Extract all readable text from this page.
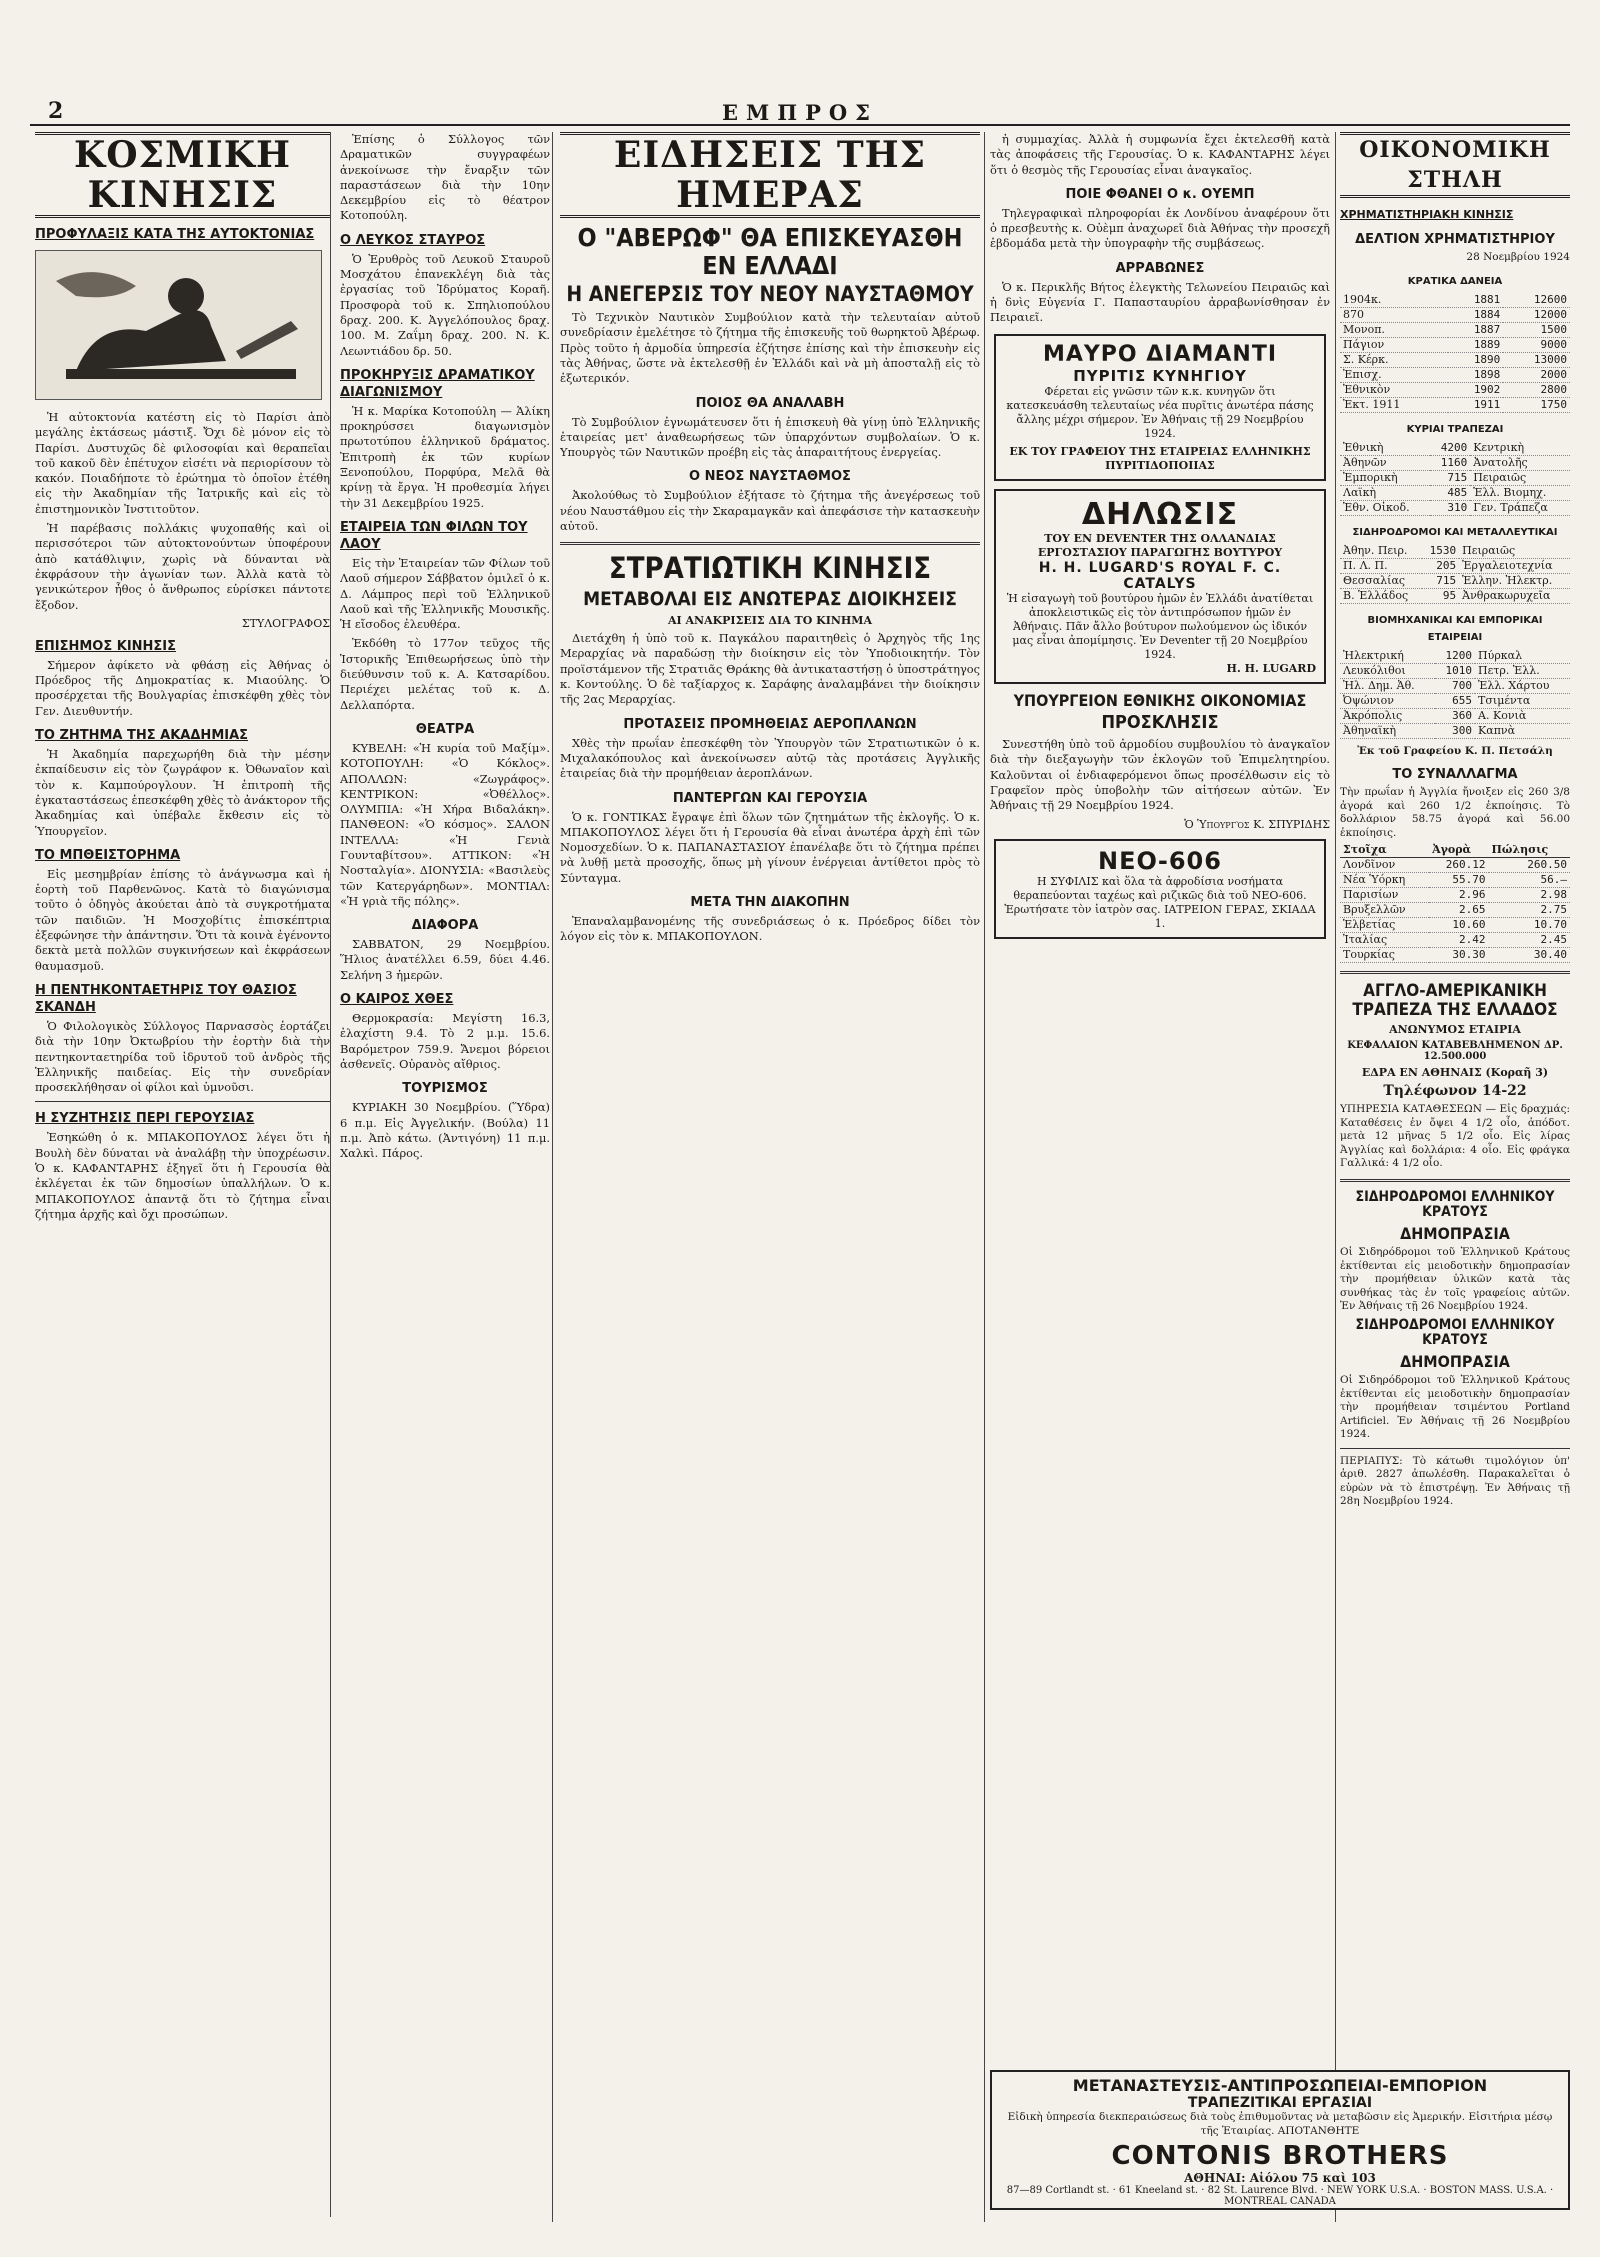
2	ΕΜΠΡΟΣ
ΚΟΣΜΙΚΗ ΚΙΝΗΣΙΣ
ΠΡΟΦΥΛΑΞΙΣ ΚΑΤΑ ΤΗΣ ΑΥΤΟΚΤΟΝΙΑΣ

Ἡ αὐτοκτονία κατέστη εἰς τὸ Παρίσι ἀπὸ μεγάλης ἐκτάσεως μάστιξ. Ὄχι δὲ μόνον εἰς τὸ Παρίσι. Δυστυχῶς δὲ φιλοσοφίαι καὶ θεραπεῖαι τοῦ κακοῦ δὲν ἐπέτυχον εἰσέτι νὰ περιορίσουν τὸ κακόν. Ποιαδήποτε τὸ ἐρώτημα τὸ ὁποῖον ἐτέθη εἰς τὴν Ἀκαδημίαν τῆς Ἰατρικῆς καὶ εἰς τὸ ἐπιστημονικὸν Ἰνστιτοῦτον.

Ἡ παρέβασις πολλάκις ψυχοπαθής καὶ οἱ περισσότεροι τῶν αὐτοκτονούντων ὑποφέρουν ἀπὸ κατάθλιψιν, χωρὶς νὰ δύνανται νὰ ἐκφράσουν τὴν ἀγωνίαν των. Ἀλλὰ κατὰ τὸ γενικώτερον ἦθος ὁ ἄνθρωπος εὑρίσκει πάντοτε ἔξοδον.

ΣΤΥΛΟΓΡΑΦΟΣ

ΕΠΙΣΗΜΟΣ ΚΙΝΗΣΙΣ

Σήμερον ἀφίκετο νὰ φθάσῃ εἰς Ἀθήνας ὁ Πρόεδρος τῆς Δημοκρατίας κ. Μιαούλης. Ὁ προσέρχεται τῆς Βουλγαρίας ἐπισκέφθη χθὲς τὸν Γεν. Διευθυντήν.

ΤΟ ΖΗΤΗΜΑ ΤΗΣ ΑΚΑΔΗΜΙΑΣ

Ἡ Ἀκαδημία παρεχωρήθη διὰ τὴν μέσην ἐκπαίδευσιν εἰς τὸν ζωγράφον κ. Ὀθωναῖον καὶ τὸν κ. Καμπούρογλουν. Ἡ ἐπιτροπὴ τῆς ἐγκαταστάσεως ἐπεσκέφθη χθὲς τὸ ἀνάκτορον τῆς Ἀκαδημίας καὶ ὑπέβαλε ἔκθεσιν εἰς τὸ Ὑπουργεῖον.

ΤΟ ΜΠΘΕΙΣΤΟΡΗΜΑ

Εἰς μεσημβρίαν ἐπίσης τὸ ἀνάγνωσμα καὶ ἡ ἑορτὴ τοῦ Παρθενῶνος. Κατὰ τὸ διαγώνισμα τοῦτο ὁ ὁδηγὸς ἀκούεται ἀπὸ τὰ συγκροτήματα τῶν παιδιῶν. Ἡ Μοσχοβίτις ἐπισκέπτρια ἐξεφώνησε τὴν ἀπάντησιν. Ὅτι τὰ κοινὰ ἐγένοντο δεκτὰ μετὰ πολλῶν συγκινήσεων καὶ ἐκφράσεων θαυμασμοῦ.

Η ΠΕΝΤΗΚΟΝΤΑΕΤΗΡΙΣ ΤΟΥ ΘΑΣΙΟΣ ΣΚΑΝΔΗ

Ὁ Φιλολογικὸς Σύλλογος Παρνασσὸς ἑορτάζει διὰ τὴν 10ην Ὀκτωβρίου τὴν ἑορτὴν διὰ τὴν πεντηκονταετηρίδα τοῦ ἱδρυτοῦ τοῦ ἀνδρὸς τῆς Ἑλληνικῆς παιδείας. Εἰς τὴν συνεδρίαν προσεκλήθησαν οἱ φίλοι καὶ ὑμνοῦσι.

Η ΣΥΖΗΤΗΣΙΣ ΠΕΡΙ ΓΕΡΟΥΣΙΑΣ

Ἐσηκώθη ὁ κ. ΜΠΑΚΟΠΟΥΛΟΣ λέγει ὅτι ἡ Βουλὴ δὲν δύναται νὰ ἀναλάβῃ τὴν ὑποχρέωσιν. Ὁ κ. ΚΑΦΑΝΤΑΡΗΣ ἐξηγεῖ ὅτι ἡ Γερουσία θὰ ἐκλέγεται ἐκ τῶν δημοσίων ὑπαλλήλων. Ὁ κ. ΜΠΑΚΟΠΟΥΛΟΣ ἀπαντᾷ ὅτι τὸ ζήτημα εἶναι ζήτημα ἀρχῆς καὶ ὄχι προσώπων.

Ἐπίσης ὁ Σύλλογος τῶν Δραματικῶν συγγραφέων ἀνεκοίνωσε τὴν ἔναρξιν τῶν παραστάσεων διὰ τὴν 10ην Δεκεμβρίου εἰς τὸ θέατρον Κοτοπούλη.

Ο ΛΕΥΚΟΣ ΣΤΑΥΡΟΣ

Ὁ Ἐρυθρὸς τοῦ Λευκοῦ Σταυροῦ Μοσχάτου ἐπανεκλέγη διὰ τὰς ἐργασίας τοῦ Ἰδρύματος Κοραῆ. Προσφορὰ τοῦ κ. Σπηλιοπούλου δραχ. 200. Κ. Ἀγγελόπουλος δραχ. 100. Μ. Ζαΐμη δραχ. 200. Ν. Κ. Λεωντιάδου δρ. 50.

ΠΡΟΚΗΡΥΞΙΣ ΔΡΑΜΑΤΙΚΟΥ ΔΙΑΓΩΝΙΣΜΟΥ

Ἡ κ. Μαρίκα Κοτοπούλη — Ἁλίκη προκηρύσσει διαγωνισμὸν πρωτοτύπου ἑλληνικοῦ δράματος. Ἐπιτροπὴ ἐκ τῶν κυρίων Ξενοπούλου, Πορφύρα, Μελᾶ θὰ κρίνῃ τὰ ἔργα. Ἡ προθεσμία λήγει τὴν 31 Δεκεμβρίου 1925.

ΕΤΑΙΡΕΙΑ ΤΩΝ ΦΙΛΩΝ ΤΟΥ ΛΑΟΥ

Εἰς τὴν Ἑταιρείαν τῶν Φίλων τοῦ Λαοῦ σήμερον Σάββατον ὁμιλεῖ ὁ κ. Δ. Λάμπρος περὶ τοῦ Ἑλληνικοῦ Λαοῦ καὶ τῆς Ἑλληνικῆς Μουσικῆς. Ἡ εἴσοδος ἐλευθέρα.

Ἐκδόθη τὸ 177ον τεῦχος τῆς Ἱστορικῆς Ἐπιθεωρήσεως ὑπὸ τὴν διεύθυνσιν τοῦ κ. Α. Κατσαρίδου. Περιέχει μελέτας τοῦ κ. Δ. Δελλαπόρτα.

ΘΕΑΤΡΑ

ΚΥΒΕΛΗ: «Ἡ κυρία τοῦ Μαξίμ». ΚΟΤΟΠΟΥΛΗ: «Ὁ Κόκλος». ΑΠΟΛΛΩΝ: «Ζωγράφος». ΚΕΝΤΡΙΚΟΝ: «Ὀθέλλος». ΟΛΥΜΠΙΑ: «Ἡ Χήρα Βιδαλάκη». ΠΑΝΘΕΟΝ: «Ὁ κόσμος». ΣΑΛΟΝ ΙΝΤΕΛΛΑ: «Ἡ Γενιὰ Γουνταβίτσου». ΑΤΤΙΚΟΝ: «Ἡ Νοσταλγία». ΔΙΟΝΥΣΙΑ: «Βασιλεὺς τῶν Κατεργάρηδων». ΜΟΝΤΙΑΛ: «Ἡ γριὰ τῆς πόλης».

ΔΙΑΦΟΡΑ

ΣΑΒΒΑΤΟΝ, 29 Νοεμβρίου. Ἥλιος ἀνατέλλει 6.59, δύει 4.46. Σελήνη 3 ἡμερῶν.

Ο ΚΑΙΡΟΣ ΧΘΕΣ

Θερμοκρασία: Μεγίστη 16.3, ἐλαχίστη 9.4. Τὸ 2 μ.μ. 15.6. Βαρόμετρον 759.9. Ἄνεμοι βόρειοι ἀσθενεῖς. Οὐρανὸς αἴθριος.

ΤΟΥΡΙΣΜΟΣ

ΚΥΡΙΑΚΗ 30 Νοεμβρίου. (Ὕδρα) 6 π.μ. Εἰς Ἀγγελικήν. (Βούλα) 11 π.μ. Ἀπὸ κάτω. (Ἀντιγόνη) 11 π.μ. Χαλκὶ. Πάρος.

ΕΙΔΗΣΕΙΣ ΤΗΣ ΗΜΕΡΑΣ
Ο "ΑΒΕΡΩΦ" ΘΑ ΕΠΙΣΚΕΥΑΣΘΗ ΕΝ ΕΛΛΑΔΙ
Η ΑΝΕΓΕΡΣΙΣ ΤΟΥ ΝΕΟΥ ΝΑΥΣΤΑΘΜΟΥ

Τὸ Τεχνικὸν Ναυτικὸν Συμβούλιον κατὰ τὴν τελευταίαν αὐτοῦ συνεδρίασιν ἐμελέτησε τὸ ζήτημα τῆς ἐπισκευῆς τοῦ θωρηκτοῦ Ἀβέρωφ. Πρὸς τοῦτο ἡ ἀρμοδία ὑπηρεσία ἐζήτησε ἐπίσης καὶ τὴν ἐπισκευὴν εἰς τὰς Ἀθήνας, ὥστε νὰ ἐκτελεσθῇ ἐν Ἑλλάδι καὶ νὰ μὴ ἀποσταλῇ εἰς τὸ ἐξωτερικόν.

ΠΟΙΟΣ ΘΑ ΑΝΑΛΑΒΗ

Τὸ Συμβούλιον ἐγνωμάτευσεν ὅτι ἡ ἐπισκευὴ θὰ γίνῃ ὑπὸ Ἑλληνικῆς ἑταιρείας μετ' ἀναθεωρήσεως τῶν ὑπαρχόντων συμβολαίων. Ὁ κ. Υπουργὸς τῶν Ναυτικῶν προέβη εἰς τὰς ἀπαραιτήτους ἐνεργείας.

Ο ΝΕΟΣ ΝΑΥΣΤΑΘΜΟΣ

Ἀκολούθως τὸ Συμβούλιον ἐξήτασε τὸ ζήτημα τῆς ἀνεγέρσεως τοῦ νέου Ναυστάθμου εἰς τὴν Σκαραμαγκᾶν καὶ ἀπεφάσισε τὴν κατασκευὴν αὐτοῦ.

ΣΤΡΑΤΙΩΤΙΚΗ ΚΙΝΗΣΙΣ
ΜΕΤΑΒΟΛΑΙ ΕΙΣ ΑΝΩΤΕΡΑΣ ΔΙΟΙΚΗΣΕΙΣ
ΑΙ ΑΝΑΚΡΙΣΕΙΣ ΔΙΑ ΤΟ ΚΙΝΗΜΑ

Διετάχθη ἡ ὑπὸ τοῦ κ. Παγκάλου παραιτηθεὶς ὁ Ἀρχηγὸς τῆς 1ης Μεραρχίας νὰ παραδώσῃ τὴν διοίκησιν εἰς τὸν Ὑποδιοικητήν. Τὸν προϊστάμενον τῆς Στρατιᾶς Θράκης θὰ ἀντικαταστήσῃ ὁ ὑποστράτηγος κ. Κοντούλης. Ὁ δὲ ταξίαρχος κ. Σαράφης ἀναλαμβάνει τὴν διοίκησιν τῆς 2ας Μεραρχίας.

ΠΡΟΤΑΣΕΙΣ ΠΡΟΜΗΘΕΙΑΣ ΑΕΡΟΠΛΑΝΩΝ

Χθὲς τὴν πρωΐαν ἐπεσκέφθη τὸν Ὑπουργὸν τῶν Στρατιωτικῶν ὁ κ. Μιχαλακόπουλος καὶ ἀνεκοίνωσεν αὐτῷ τὰς προτάσεις Ἀγγλικῆς ἑταιρείας διὰ τὴν προμήθειαν ἀεροπλάνων.

ΠΑΝΤΕΡΓΩΝ ΚΑΙ ΓΕΡΟΥΣΙΑ

Ὁ κ. ΓΟΝΤΙΚΑΣ ἔγραψε ἐπὶ ὅλων τῶν ζητημάτων τῆς ἐκλογῆς. Ὁ κ. ΜΠΑΚΟΠΟΥΛΟΣ λέγει ὅτι ἡ Γερουσία θὰ εἶναι ἀνωτέρα ἀρχὴ ἐπὶ τῶν Νομοσχεδίων. Ὁ κ. ΠΑΠΑΝΑΣΤΑΣΙΟΥ ἐπανέλαβε ὅτι τὸ ζήτημα πρέπει νὰ λυθῇ μετὰ προσοχῆς, ὅπως μὴ γίνουν ἐνέργειαι ἀντίθετοι πρὸς τὸ Σύνταγμα.

ΜΕΤΑ ΤΗΝ ΔΙΑΚΟΠΗΝ

Ἐπαναλαμβανομένης τῆς συνεδριάσεως ὁ κ. Πρόεδρος δίδει τὸν λόγον εἰς τὸν κ. ΜΠΑΚΟΠΟΥΛΟΝ.

ἡ συμμαχίας. Ἀλλὰ ἡ συμφωνία ἔχει ἐκτελεσθῆ κατὰ τὰς ἀποφάσεις τῆς Γερουσίας. Ὁ κ. ΚΑΦΑΝΤΑΡΗΣ λέγει ὅτι ὁ θεσμὸς τῆς Γερουσίας εἶναι ἀναγκαῖος.

ΠΟΙΕ ΦΘΑΝΕΙ Ο κ. ΟΥΕΜΠ

Τηλεγραφικαὶ πληροφορίαι ἐκ Λονδίνου ἀναφέρουν ὅτι ὁ πρεσβευτὴς κ. Οὐὲμπ ἀναχωρεῖ διὰ Ἀθήνας τὴν προσεχῆ ἑβδομάδα μετὰ τὴν ὑπογραφὴν τῆς συμβάσεως.

ΑΡΡΑΒΩΝΕΣ

Ὁ κ. Περικλῆς Βήτος ἐλεγκτὴς Τελωνείου Πειραιῶς καὶ ἡ δνὶς Εὐγενία Γ. Παπασταυρίου ἀρραβωνίσθησαν ἐν Πειραιεῖ.

ΜΑΥΡΟ ΔΙΑΜΑΝΤΙ
ΠΥΡΙΤΙΣ ΚΥΝΗΓΙΟΥ
Φέρεται εἰς γνῶσιν τῶν κ.κ. κυνηγῶν ὅτι κατεσκευάσθη τελευταίως νέα πυρῖτις ἀνωτέρα πάσης ἄλλης μέχρι σήμερον. Ἐν Ἀθήναις τῇ 29 Νοεμβρίου 1924.
ΕΚ ΤΟΥ ΓΡΑΦΕΙΟΥ ΤΗΣ ΕΤΑΙΡΕΙΑΣ ΕΛΛΗΝΙΚΗΣ ΠΥΡΙΤΙΔΟΠΟΙΙΑΣ
ΔΗΛΩΣΙΣ
ΤΟΥ ΕΝ DEVENTER ΤΗΣ ΟΛΛΑΝΔΙΑΣ ΕΡΓΟΣΤΑΣΙΟΥ ΠΑΡΑΓΩΓΗΣ ΒΟΥΤΥΡΟΥ
H. H. LUGARD'S ROYAL F. C. CATALYS
Ἡ εἰσαγωγὴ τοῦ βουτύρου ἡμῶν ἐν Ἑλλάδι ἀνατίθεται ἀποκλειστικῶς εἰς τὸν ἀντιπρόσωπον ἡμῶν ἐν Ἀθήναις. Πᾶν ἄλλο βούτυρον πωλούμενον ὡς ἰδικόν μας εἶναι ἀπομίμησις. Ἐν Deventer τῇ 20 Νοεμβρίου 1924.
H. H. LUGARD
ΥΠΟΥΡΓΕΙΟΝ ΕΘΝΙΚΗΣ ΟΙΚΟΝΟΜΙΑΣ
ΠΡΟΣΚΛΗΣΙΣ

Συνεστήθη ὑπὸ τοῦ ἀρμοδίου συμβουλίου τὸ ἀναγκαῖον διὰ τὴν διεξαγωγὴν τῶν ἐκλογῶν τοῦ Ἐπιμελητηρίου. Καλοῦνται οἱ ἐνδιαφερόμενοι ὅπως προσέλθωσιν εἰς τὸ Γραφεῖον πρὸς ὑποβολὴν τῶν αἰτήσεων αὐτῶν. Ἐν Ἀθήναις τῇ 29 Νοεμβρίου 1924.

Ὁ Ὑπουργὸς Κ. ΣΠΥΡΙΔΗΣ

ΝΕΟ-606
Η ΣΥΦΙΛΙΣ καὶ ὅλα τὰ ἀφροδίσια νοσήματα θεραπεύονται ταχέως καὶ ριζικῶς διὰ τοῦ ΝΕΟ-606. Ἐρωτήσατε τὸν ἰατρὸν σας. ΙΑΤΡΕΙΟΝ ΓΕΡΑΣ, ΣΚΙΑΔΑ 1.
ΟΙΚΟΝΟΜΙΚΗ ΣΤΗΛΗ
ΧΡΗΜΑΤΙΣΤΗΡΙΑΚΗ ΚΙΝΗΣΙΣ
ΔΕΛΤΙΟΝ ΧΡΗΜΑΤΙΣΤΗΡΙΟΥ
28 Νοεμβρίου 1924
ΚΡΑΤΙΚΑ ΔΑΝΕΙΑ
1904κ.	1881	12600
870	1884	12000
Μονοπ.	1887	1500
Πάγιον	1889	9000
Σ. Κέρκ.	1890	13000
Ἐπισχ.	1898	2000
Ἐθνικὸν	1902	2800
Ἐκτ. 1911	1911	1750
ΚΥΡΙΑΙ ΤΡΑΠΕΖΑΙ
Ἐθνικὴ	4200	Κεντρικὴ
Ἀθηνῶν	1160	Ἀνατολῆς
Ἐμπορικὴ	715	Πειραιῶς
Λαϊκὴ	485	Ἑλλ. Βιομηχ.
Ἐθν. Οἰκοδ.	310	Γεν. Τράπεζα
ΣΙΔΗΡΟΔΡΟΜΟΙ ΚΑΙ ΜΕΤΑΛΛΕΥΤΙΚΑΙ
Ἀθην. Πειρ.	1530	Πειραιῶς
Π. Λ. Π.	205	Ἐργαλειοτεχνία
Θεσσαλίας	715	Ἑλλην. Ἠλεκτρ.
Β. Ἑλλάδος	95	Ἀνθρακωρυχεῖα
ΒΙΟΜΗΧΑΝΙΚΑΙ ΚΑΙ ΕΜΠΟΡΙΚΑΙ ΕΤΑΙΡΕΙΑΙ
Ἠλεκτρική	1200	Πύρκαλ
Λευκόλιθοι	1010	Πετρ. Ἐλλ.
Ἠλ. Δημ. Ἀθ.	700	Ἐλλ. Χάρτου
Ὀψώνιον	655	Τσιμέντα
Ἀκρόπολις	360	Α. Κονιὰ
Ἀθηναϊκὴ	300	Καπνὰ
Ἐκ τοῦ Γραφείου Κ. Π. Πετσάλη
ΤΟ ΣΥΝΑΛΛΑΓΜΑ

Τὴν πρωΐαν ἡ Ἀγγλία ἤνοιξεν εἰς 260 3/8 ἀγορά καὶ 260 1/2 ἐκποίησις. Τὸ δολλάριον 58.75 ἀγορά καὶ 56.00 ἐκποίησις.

Στοῖχα	Ἀγορὰ	Πώλησις
Λονδῖνον	260.12	260.50
Νέα Ὑόρκη	55.70	56.—
Παρισίων	2.96	2.98
Βρυξελλῶν	2.65	2.75
Ἑλβετίας	10.60	10.70
Ἰταλίας	2.42	2.45
Τουρκίας	30.30	30.40
ΑΓΓΛΟ-ΑΜΕΡΙΚΑΝΙΚΗ ΤΡΑΠΕΖΑ ΤΗΣ ΕΛΛΑΔΟΣ
ΑΝΩΝΥΜΟΣ ΕΤΑΙΡΙΑ
ΚΕΦΑΛΑΙΟΝ ΚΑΤΑΒΕΒΛΗΜΕΝΟΝ ΔΡ. 12.500.000
ΕΔΡΑ ΕΝ ΑΘΗΝΑΙΣ (Κοραῆ 3)
Τηλέφωνον 14-22

ΥΠΗΡΕΣΙΑ ΚΑΤΑΘΕΣΕΩΝ — Εἰς δραχμάς: Καταθέσεις ἐν ὄψει 4 1/2 οἷο, ἀπόδοτ. μετὰ 12 μῆνας 5 1/2 οἷο. Εἰς λίρας Ἀγγλίας καὶ δολλάρια: 4 οἷο. Εἰς φράγκα Γαλλικά: 4 1/2 οἷο.

ΣΙΔΗΡΟΔΡΟΜΟΙ ΕΛΛΗΝΙΚΟΥ ΚΡΑΤΟΥΣ
ΔΗΜΟΠΡΑΣΙΑ

Οἱ Σιδηρόδρομοι τοῦ Ἑλληνικοῦ Κράτους ἐκτίθενται εἰς μειοδοτικὴν δημοπρασίαν τὴν προμήθειαν ὑλικῶν κατὰ τὰς συνθήκας τὰς ἐν τοῖς γραφείοις αὐτῶν. Ἐν Ἀθήναις τῇ 26 Νοεμβρίου 1924.

ΣΙΔΗΡΟΔΡΟΜΟΙ ΕΛΛΗΝΙΚΟΥ ΚΡΑΤΟΥΣ
ΔΗΜΟΠΡΑΣΙΑ

Οἱ Σιδηρόδρομοι τοῦ Ἑλληνικοῦ Κράτους ἐκτίθενται εἰς μειοδοτικὴν δημοπρασίαν τὴν προμήθειαν τσιμέντου Portland Artificiel. Ἐν Ἀθήναις τῇ 26 Νοεμβρίου 1924.

ΠΕΡΙΑΠΥΣ: Τὸ κάτωθι τιμολόγιον ὑπ' ἀριθ. 2827 ἀπωλέσθη. Παρακαλεῖται ὁ εὑρὼν νὰ τὸ ἐπιστρέψῃ. Ἐν Ἀθήναις τῇ 28η Νοεμβρίου 1924.

ΜΕΤΑΝΑΣΤΕΥΣΙΣ-ΑΝΤΙΠΡΟΣΩΠΕΙΑΙ-ΕΜΠΟΡΙΟΝ
ΤΡΑΠΕΖΙΤΙΚΑΙ ΕΡΓΑΣΙΑΙ
Εἰδικὴ ὑπηρεσία διεκπεραιώσεως διὰ τοὺς ἐπιθυμοῦντας νὰ μεταβῶσιν εἰς Ἀμερικήν. Εἰσιτήρια μέσῳ τῆς Ἑταιρίας. ΑΠΟΤΑΝΘΗΤΕ
CONTONIS BROTHERS
ΑΘΗΝΑΙ: Αἰόλου 75 καὶ 103
87—89 Cortlandt st. · 61 Kneeland st. · 82 St. Laurence Blvd. · NEW YORK U.S.A. · BOSTON MASS. U.S.A. · MONTREAL CANADA
